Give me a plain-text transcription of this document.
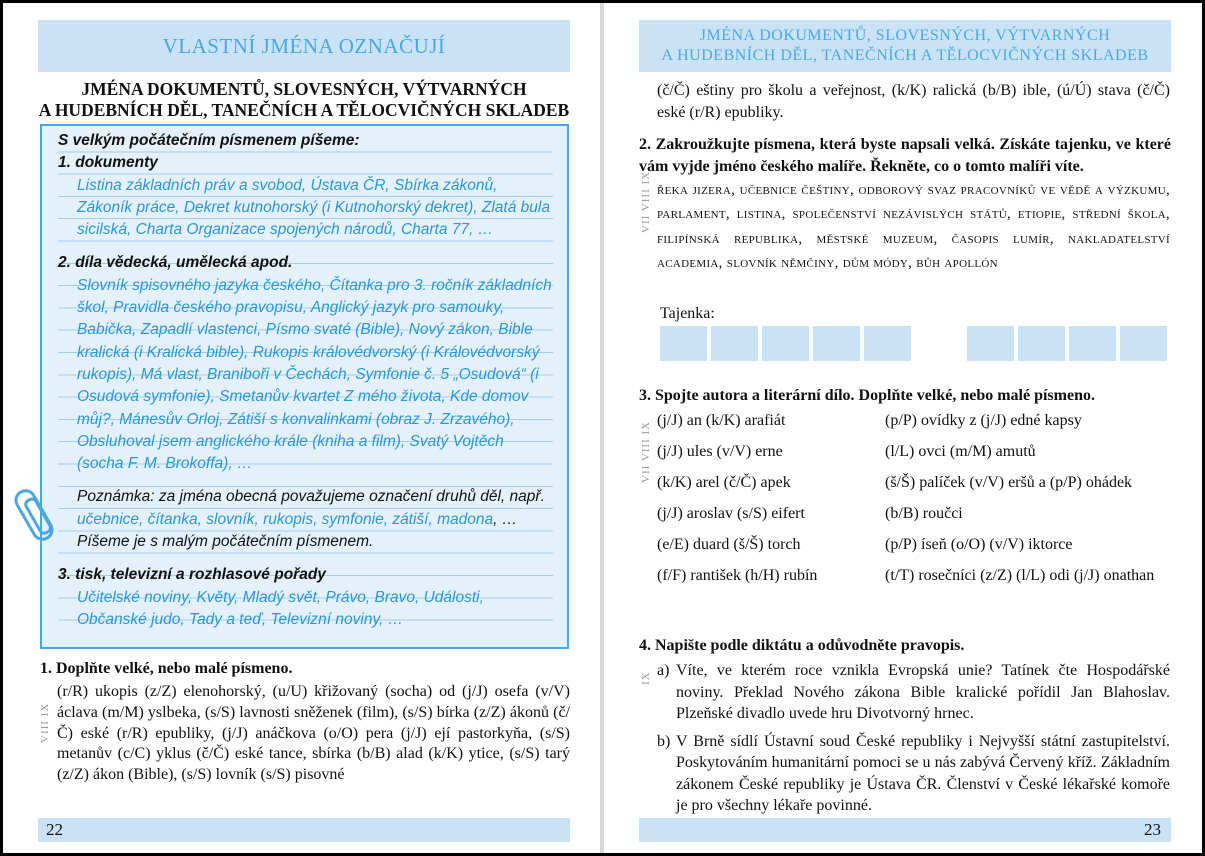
VLASTNÍ JMÉNA OZNAČUJÍ
JMÉNA DOKUMENTŮ, SLOVESNÝCH, VÝTVARNÝCH
A HUDEBNÍCH DĚL, TANEČNÍCH A TĚLOCVIČNÝCH SKLADEB
S velkým počátečním písmenem píšeme:
1. dokumenty
Listina základních práv a svobod, Ústava ČR, Sbírka zákonů, Zákoník práce, Dekret kutnohorský (i Kutnohorský dekret), Zlatá bula sicilská, Charta Organizace spojených národů, Charta 77, …
2. díla vědecká, umělecká apod.
Slovník spisovného jazyka českého, Čítanka pro 3. ročník základních škol, Pravidla českého pravopisu, Anglický jazyk pro samouky, Babička, Zapadlí vlastenci, Písmo svaté (Bible), Nový zákon, Bible kralická (i Kralická bible), Rukopis královédvorský (i Královédvorský rukopis), Má vlast, Braniboři v Čechách, Symfonie č. 5 „Osudová“ (i Osudová symfonie), Smetanův kvartet Z mého života, Kde domov můj?, Mánesův Orloj, Zátiší s konvalinkami (obraz J. Zrzavého), Obsluhoval jsem anglického krále (kniha a film), Svatý Vojtěch (socha F. M. Brokoffa), …
Poznámka: za jména obecná považujeme označení druhů děl, např. učebnice, čítanka, slovník, rukopis, symfonie, zátiší, madona, … Píšeme je s malým počátečním písmenem.
3. tisk, televizní a rozhlasové pořady
Učitelské noviny, Květy, Mladý svět, Právo, Bravo, Události, Občanské judo, Tady a teď, Televizní noviny, …
1. Doplňte velké, nebo malé písmeno.
VIII IX
(r/R) ukopis (z/Z) elenohorský, (u/U) křižovaný (socha) od (j/J) osefa (v/V) áclava (m/M) yslbeka, (s/S) lavnosti sněženek (film), (s/S) bírka (z/Z) ákonů (č/Č) eské (r/R) epubliky, (j/J) anáčkova (o/O) pera (j/J) ejí pastorkyňa, (s/S) metanův (c/C) yklus (č/Č) eské tance, sbírka (b/B) alad (k/K) ytice, (s/S) tarý (z/Z) ákon (Bible), (s/S) lovník (s/S) pisovné
22
JMÉNA DOKUMENTŮ, SLOVESNÝCH, VÝTVARNÝCH
A HUDEBNÍCH DĚL, TANEČNÍCH A TĚLOCVIČNÝCH SKLADEB
(č/Č) eštiny pro školu a veřejnost, (k/K) ralická (b/B) ible, (ú/Ú) stava (č/Č) eské (r/R) epubliky.
2. Zakroužkujte písmena, která byste napsali velká. Získáte tajenku, ve které vám vyjde jméno českého malíře. Řekněte, co o tomto malíři víte.
VII VIII IX řeka jizera, učebnice češtiny, odborový svaz pracovníků ve vědě a výzkumu, parlament, listina, společenství nezávislých států, etiopie, střední škola, filipínská republika, městské muzeum, časopis lumír, nakladatelství academia, slovník němčiny, dům módy, bůh apollón
Tajenka:
3. Spojte autora a literární dílo. Doplňte velké, nebo malé písmeno.
VII VIII IX
(j/J) an (k/K) arafiát	(p/P) ovídky z (j/J) edné kapsy
(j/J) ules (v/V) erne	(l/L) ovci (m/M) amutů
(k/K) arel (č/Č) apek	(š/Š) palíček (v/V) eršů a (p/P) ohádek
(j/J) aroslav (s/S) eifert	(b/B) roučci
(e/E) duard (š/Š) torch	(p/P) íseň (o/O) (v/V) iktorce
(f/F) rantišek (h/H) rubín	(t/T) rosečníci (z/Z) (l/L) odi (j/J) onathan
4. Napište podle diktátu a odůvodněte pravopis.
IX a) Víte, ve kterém roce vznikla Evropská unie? Tatínek čte Hospodářské noviny. Překlad Nového zákona Bible kralické pořídil Jan Blahoslav. Plzeňské divadlo uvede hru Divotvorný hrnec.
b) V Brně sídlí Ústavní soud České republiky i Nejvyšší státní zastupitelství. Poskytováním humanitární pomoci se u nás zabývá Červený kříž. Základním zákonem České republiky je Ústava ČR. Členství v České lékařské komoře je pro všechny lékaře povinné.
23
